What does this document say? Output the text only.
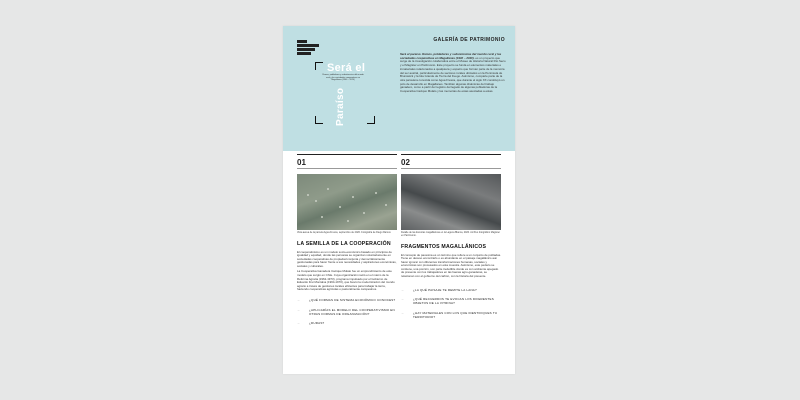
GALERÍA DE PATRIMONIO
Será el
Ramos, pobladores y subsistencias del mundo rural y las sociedades cooperativas en Magallanes (1940 – 2020)
Paraíso
Será el paraíso. Ramos, pobladores y subsistencias del mundo rural y las sociedades cooperativas en Magallanes (1940 – 2020). es un proyecto que surge de la investigación colaborativa entre el Museo de Historia Natural Río Seco y el Magíster en Patrimonio. Este proyecto se funda en elementos materiales e inmateriales relacionados a qualquiera y espacio que forman parte de la memoria del ser austral, particularmente de sectores rurales ubicados en la Península de Brunswick y la Isla Grande de Tierra del Fuego. Asimismo, comparte parte de la otra parcelera conocida como Agua Fresca, que durante el siglo XX constituyó un polo de desarrollo en Magallanes. También algunas dinámicas del trabajo ganadero, como a partir del registro del legado de algunas pobladoras de la Cooperativa Caciquo Mulato y las memorias de estas asociadas a estas.
01
Vista aérea de la parcela Agua Fresca, septiembre de 2020. Fotografía de Diego Ramos
LA SEMILLA DE LA COOPERACIÓN
El cooperativismo es un modelo socio-económico basado en principios de igualdad y equidad, donde las personas se organizan voluntariamente en sociedades cooperativas de propiedad conjunta y democráticamente gestionadas para hacer frente a sus necesidades y aspiraciones económicas, sociales y culturales.
La Cooperativa Ganadera Cacique Mulato fue un emprendimiento de este modelo que surgió en Chile. Cuya organización nació en el marco de la Reforma Agraria (1962-1973), programa impulsado por el Gobierno de Eduardo Frei Montalva (1964-1970), que buscó la modernización del mundo agrario a través de gestiones locales eficientes para trabajar la tierra, haciendo cooperativas agrícolas o pastoralmente campesinos.
→	¿QUÉ FORMAS DE SISTEMA ECONÓMICO CONOCES?
→	¿APLICARÍAS EL MODELO DEL COOPERATIVISMO EN OTRAS FORMAS DE ORGANIZACIÓN?
→	¿DURAS?
02
Detalle de las Escorias magallánicas en la Laguna Blanca, 2020. Archivo fotográfico Magíster en Patrimonio.
FRAGMENTOS MAGALLÁNICOS
El concepto de pavesina es un término que refiere a un conjunto de pobladas. Tiene en desuso encontrarlo o es abundante en el paisaje magallánico aun hacer ignorar con diferentes transformaciones humanas, sociales y económicas son procesados en esta muestra. Asimismo, este pedazo se contiene, una porción, son parte ineludible donde es con ambiente apegado de presente con los trabajadores en las faenas agro-ganaderas, se relacionan con el gobierno del carbón, con la historia del presente.
→	¿LA QUÉ PAISAJE TE REMITE LA LANA?
→	¿QUÉ RECUERDOS TE EVOCAN LOS DIFERENTES OBJETOS DE LA VITRINA?
→	¿HAY MATERIALES CON LOS QUE IDENTIFIQUES TU TERRITORIO?
